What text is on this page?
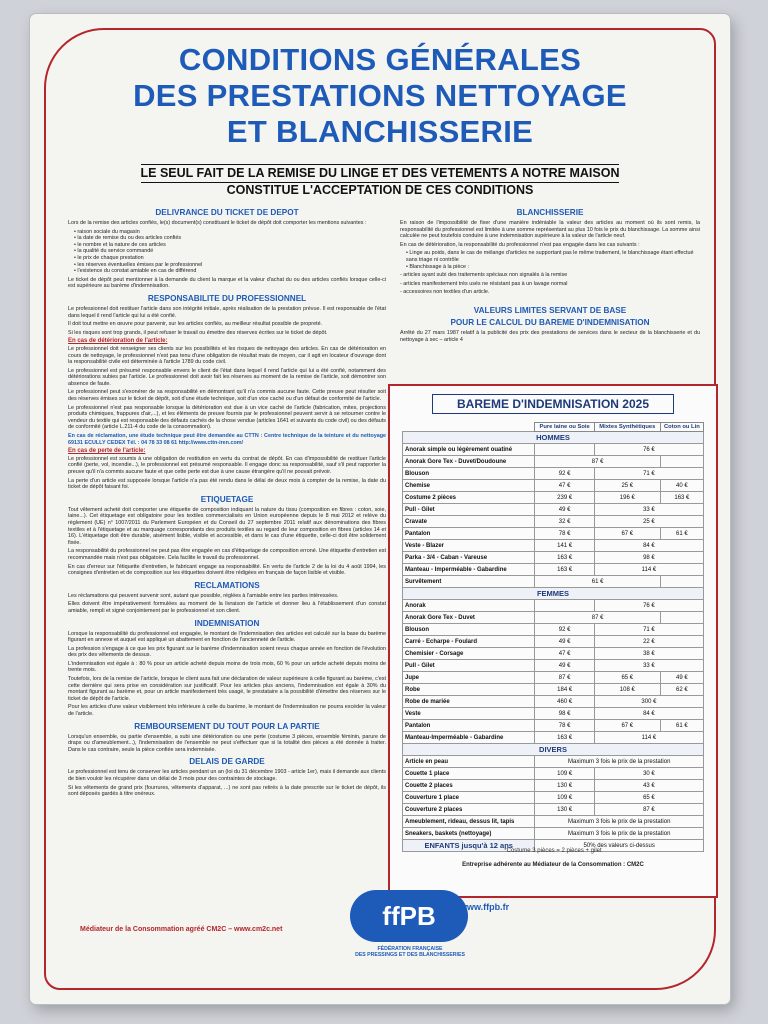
CONDITIONS GÉNÉRALES
DES PRESTATIONS NETTOYAGE
ET BLANCHISSERIE
LE SEUL FAIT DE LA REMISE DU LINGE ET DES VETEMENTS A NOTRE MAISON
CONSTITUE L'ACCEPTATION DE CES CONDITIONS
DELIVRANCE DU TICKET DE DEPOT

Lors de la remise des articles confiés, le(s) document(s) constituant le ticket de dépôt doit comporter les mentions suivantes :

• raison sociale du magasin
• la date de remise du ou des articles confiés
• le nombre et la nature de ces articles
• la qualité du service commandé
• le prix de chaque prestation
• les réserves éventuelles émises par le professionnel
• l'existence du constat amiable en cas de différend

Le ticket de dépôt peut mentionner à la demande du client la marque et la valeur d'achat du ou des articles confiés lorsque celle-ci est supérieure au barème d'indemnisation.

RESPONSABILITE DU PROFESSIONNEL

Le professionnel doit restituer l'article dans son intégrité initiale, après réalisation de la prestation prévue. Il est responsable de l'état dans lequel il rend l'article qui lui a été confié.

Il doit tout mettre en œuvre pour parvenir, sur les articles confiés, au meilleur résultat possible de propreté.

Si les risques sont trop grands, il peut refuser le travail ou émettre des réserves écrites sur le ticket de dépôt.

En cas de détérioration de l'article:

Le professionnel doit renseigner ses clients sur les possibilités et les risques de nettoyage des articles. En cas de détérioration en cours de nettoyage, le professionnel n'est pas tenu d'une obligation de résultat mais de moyen, car il agit en locateur d'ouvrage dont la responsabilité civile est déterminée à l'article 1789 du code civil.

Le professionnel est présumé responsable envers le client de l'état dans lequel il rend l'article qui lui a été confié, notamment des détériorations subies par l'article. Le professionnel doit avoir fait les réserves au moment de la remise de l'article, soit démontrer son absence de faute.

Le professionnel peut s'exonérer de sa responsabilité en démontrant qu'il n'a commis aucune faute. Cette preuve peut résulter soit des réserves émises sur le ticket de dépôt, soit d'une étude technique, soit d'un vice caché ou d'un défaut de conformité de l'article.

Le professionnel n'est pas responsable lorsque la détérioration est due à un vice caché de l'article (fabrication, mites, projections produits chimiques, frappures d'air,...), et les éléments de preuve fournis par le professionnel peuvent servir à se retourner contre le vendeur du textile qui est responsable des défauts cachés de la chose vendue (articles 1641 et suivants du code civil) ou des défauts de conformité (article L.211-4 du code de la consommation).

En cas de réclamation, une étude technique peut être demandée au CTTN : Centre technique de la teinture et du nettoyage 69131 ECULLY CEDEX Tél. : 04 78 33 08 61 http://www.cttn-iren.com/

En cas de perte de l'article:

Le professionnel est soumis à une obligation de restitution en vertu du contrat de dépôt. En cas d'impossibilité de restituer l'article confié (perte, vol, incendie...), le professionnel est présumé responsable. Il engage donc sa responsabilité, sauf s'il peut rapporter la preuve qu'il n'a commis aucune faute et que cette perte est due à une cause étrangère qu'il ne pouvait prévoir.

La perte d'un article est supposée lorsque l'article n'a pas été rendu dans le délai de deux mois à compter de la remise, la date du ticket de dépôt faisant foi.

ETIQUETAGE

Tout vêtement acheté doit comporter une étiquette de composition indiquant la nature du tissu (composition en fibres : coton, soie, laine...). Cet étiquetage est obligatoire pour les textiles commercialisés en Union européenne depuis le 8 mai 2012 et relève du règlement (UE) n° 1007/2011 du Parlement Européen et du Conseil du 27 septembre 2011 relatif aux dénominations des fibres textiles et à l'étiquetage et au marquage correspondants des produits textiles au regard de leur composition en fibres (articles 14 et 16). L'étiquetage doit être durable, aisément lisible, visible et accessible, et dans le cas d'une étiquette, celle-ci doit être solidement fixée.

La responsabilité du professionnel ne peut pas être engagée en cas d'étiquetage de composition erroné. Une étiquette d'entretien est recommandée mais n'est pas obligatoire. Cela facilite le travail du professionnel.

En cas d'erreur sur l'étiquette d'entretien, le fabricant engage sa responsabilité. En vertu de l'article 2 de la loi du 4 août 1994, les consignes d'entretien et de composition sur les étiquettes doivent être rédigées en français de façon lisible et visible.

RECLAMATIONS

Les réclamations qui peuvent survenir sont, autant que possible, réglées à l'amiable entre les parties intéressées.

Elles doivent être impérativement formulées au moment de la livraison de l'article et donner lieu à l'établissement d'un constat amiable, rempli et signé conjointement par le professionnel et son client.

INDEMNISATION

Lorsque la responsabilité du professionnel est engagée, le montant de l'indemnisation des articles est calculé sur la base du barème figurant en annexe et auquel est appliqué un abattement en fonction de l'ancienneté de l'article.

La profession s'engage à ce que les prix figurant sur le barème d'indemnisation soient revus chaque année en fonction de l'évolution des prix des vêtements de dessus.

L'indemnisation est égale à : 80 % pour un article acheté depuis moins de trois mois, 60 % pour un article acheté depuis moins de trente mois.

Toutefois, lors de la remise de l'article, lorsque le client aura fait une déclaration de valeur supérieure à celle figurant au barème, c'est cette dernière qui sera prise en considération sur justificatif. Pour les articles plus anciens, l'indemnisation est égale à 30% du montant figurant au barème et, pour un article manifestement très usagé, le prestataire a la possibilité d'émettre des réserves sur le ticket de dépôt de l'article.

Pour les articles d'une valeur visiblement très inférieure à celle du barème, le montant de l'indemnisation ne pourra excéder la valeur de l'article.

REMBOURSEMENT DU TOUT POUR LA PARTIE

Lorsqu'un ensemble, ou partie d'ensemble, a subi une détérioration ou une perte (costume 3 pièces, ensemble féminin, parure de draps ou d'ameublement...), l'indemnisation de l'ensemble ne peut s'effectuer que si la totalité des pièces a été donnée à traiter. Dans le cas contraire, seule la pièce confiée sera indemnisée.

DELAIS DE GARDE

Le professionnel est tenu de conserver les articles pendant un an (loi du 31 décembre 1903 - article 1er), mais il demande aux clients de bien vouloir les récupérer dans un délai de 3 mois pour des contraintes de stockage.

Si les vêtements de grand prix (fourrures, vêtements d'apparat, ...) ne sont pas retirés à la date prescrite sur le ticket de dépôt, ils sont déposés gardés à titre onéreux.

BLANCHISSERIE

En raison de l'impossibilité de fixer d'une manière indéniable la valeur des articles au moment où ils sont remis, la responsabilité du professionnel est limitée à une somme représentant au plus 10 fois le prix du blanchissage. La somme ainsi calculée ne peut toutefois conduire à une indemnisation supérieure à la valeur de l'article neuf.

En cas de détérioration, la responsabilité du professionnel n'est pas engagée dans les cas suivants :

• Linge au poids, dans le cas de mélange d'articles ne supportant pas le même traitement, le blanchissage étant effectué sans triage ni contrôle
• Blanchissage à la pièce :

- articles ayant subi des traitements spéciaux non signalés à la remise

- articles manifestement très usés ne résistant pas à un lavage normal

- accessoires non textiles d'un article.

VALEURS LIMITES SERVANT DE BASE
POUR LE CALCUL DU BAREME D'INDEMNISATION

Arrêté du 27 mars 1987 relatif à la publicité des prix des prestations de services dans le secteur de la blanchisserie et du nettoyage à sec – article 4

BAREME D'INDEMNISATION 2025
	Pure laine ou Soie	Mixtes Synthétiques	Coton ou Lin
HOMMES			
Anorak simple ou légèrement ouatiné		76 €	
Anorak Gore Tex - Duvet/Doudoune	87 €		
Blouson	92 €	71 €	
Chemise	47 €	25 €	40 €
Costume 2 pièces	239 €	196 €	163 €
Pull - Gilet	49 €	33 €	
Cravate	32 €	25 €	
Pantalon	78 €	67 €	61 €
Veste - Blazer	141 €	84 €	
Parka - 3/4 - Caban - Vareuse	163 €	98 €	
Manteau - Imperméable - Gabardine	163 €	114 €	
Survêtement	61 €		
FEMMES			
Anorak		76 €	
Anorak Gore Tex - Duvet	87 €		
Blouson	92 €	71 €	
Carré - Echarpe - Foulard	49 €	22 €	
Chemisier - Corsage	47 €	38 €	
Pull - Gilet	49 €	33 €	
Jupe	87 €	65 €	49 €
Robe	184 €	108 €	62 €
Robe de mariée	460 €	300 €	
Veste	98 €	84 €	
Pantalon	78 €	67 €	61 €
Manteau-Imperméable - Gabardine	163 €	114 €	
DIVERS			
Article en peau	Maximum 3 fois le prix de la prestation		
Couette 1 place	109 €	30 €	
Couette 2 places	130 €	43 €	
Couverture 1 place	109 €	65 €	
Couverture 2 places	130 €	87 €	
Ameublement, rideau, dessus lit, tapis	Maximum 3 fois le prix de la prestation		
Sneakers, baskets (nettoyage)	Maximum 3 fois le prix de la prestation		
ENFANTS jusqu'à 12 ans	50% des valeurs ci-dessus		
*Costume 3 pièces = 2 pièces + gilet
Entreprise adhérente au Médiateur de la Consommation : CM2C
Médiateur de la Consommation agréé CM2C – www.cm2c.net	ffPB
FÉDÉRATION FRANÇAISE
DES PRESSINGS ET DES BLANCHISSERIES
www.ffpb.fr
